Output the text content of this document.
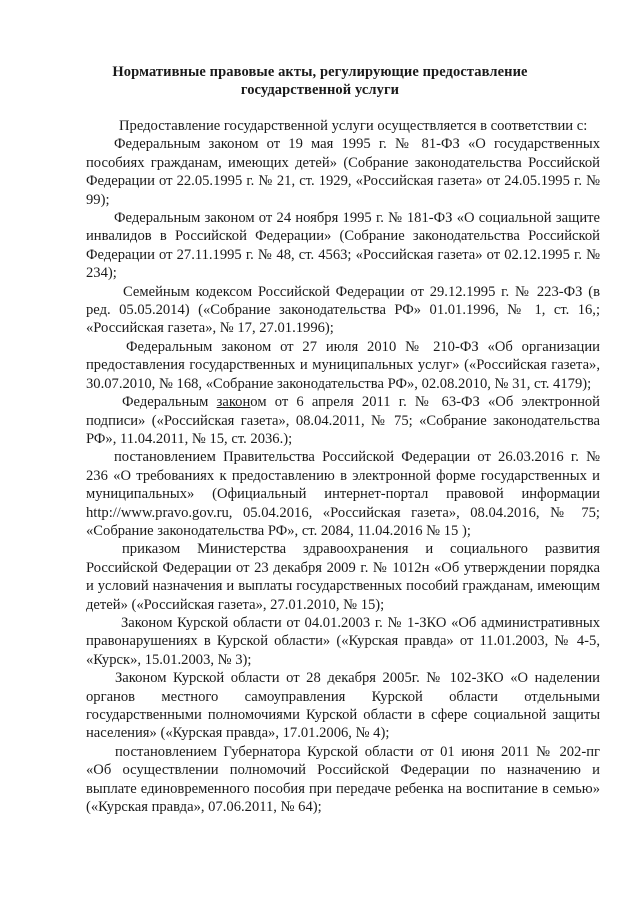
Нормативные правовые акты, регулирующие предоставление
государственной услуги

Предоставление государственной услуги осуществляется в соответствии с:

Федеральным законом от 19 мая 1995 г. № 81-ФЗ «О государственных пособиях гражданам, имеющих детей» (Собрание законодательства Российской Федерации от 22.05.1995 г. № 21, ст. 1929, «Российская газета» от 24.05.1995 г. № 99);

Федеральным законом от 24 ноября 1995 г. № 181-ФЗ «О социальной защите инвалидов в Российской Федерации» (Собрание законодательства Российской Федерации от 27.11.1995 г. № 48, ст. 4563; «Российская газета» от 02.12.1995 г. № 234);

Семейным кодексом Российской Федерации от 29.12.1995 г. № 223-ФЗ (в ред. 05.05.2014) («Собрание законодательства РФ» 01.01.1996, № 1, ст. 16,; «Российская газета», № 17, 27.01.1996);

Федеральным законом от 27 июля 2010 № 210-ФЗ «Об организации предоставления государственных и муниципальных услуг» («Российская газета», 30.07.2010, № 168, «Собрание законодательства РФ», 02.08.2010, № 31, ст. 4179);

Федеральным законом от 6 апреля 2011 г. № 63-ФЗ «Об электронной подписи» («Российская газета», 08.04.2011, № 75; «Собрание законодательства РФ», 11.04.2011, № 15, ст. 2036.);

постановлением Правительства Российской Федерации от 26.03.2016 г. № 236 «О требованиях к предоставлению в электронной форме государственных и муниципальных» (Официальный интернет-портал правовой информации http://www.pravo.gov.ru, 05.04.2016, «Российская газета», 08.04.2016, № 75; «Собрание законодательства РФ», ст. 2084, 11.04.2016 № 15 );

приказом Министерства здравоохранения и социального развития Российской Федерации от 23 декабря 2009 г. № 1012н «Об утверждении порядка и условий назначения и выплаты государственных пособий гражданам, имеющим детей» («Российская газета», 27.01.2010, № 15);

Законом Курской области от 04.01.2003 г. № 1-ЗКО «Об административных правонарушениях в Курской области» («Курская правда» от 11.01.2003, № 4-5, «Курск», 15.01.2003, № 3);

Законом Курской области от 28 декабря 2005г. № 102-ЗКО «О наделении органов местного самоуправления Курской области отдельными государственными полномочиями Курской области в сфере социальной защиты населения» («Курская правда», 17.01.2006, № 4);

постановлением Губернатора Курской области от 01 июня 2011 № 202-пг «Об осуществлении полномочий Российской Федерации по назначению и выплате единовременного пособия при передаче ребенка на воспитание в семью» («Курская правда», 07.06.2011, № 64);
